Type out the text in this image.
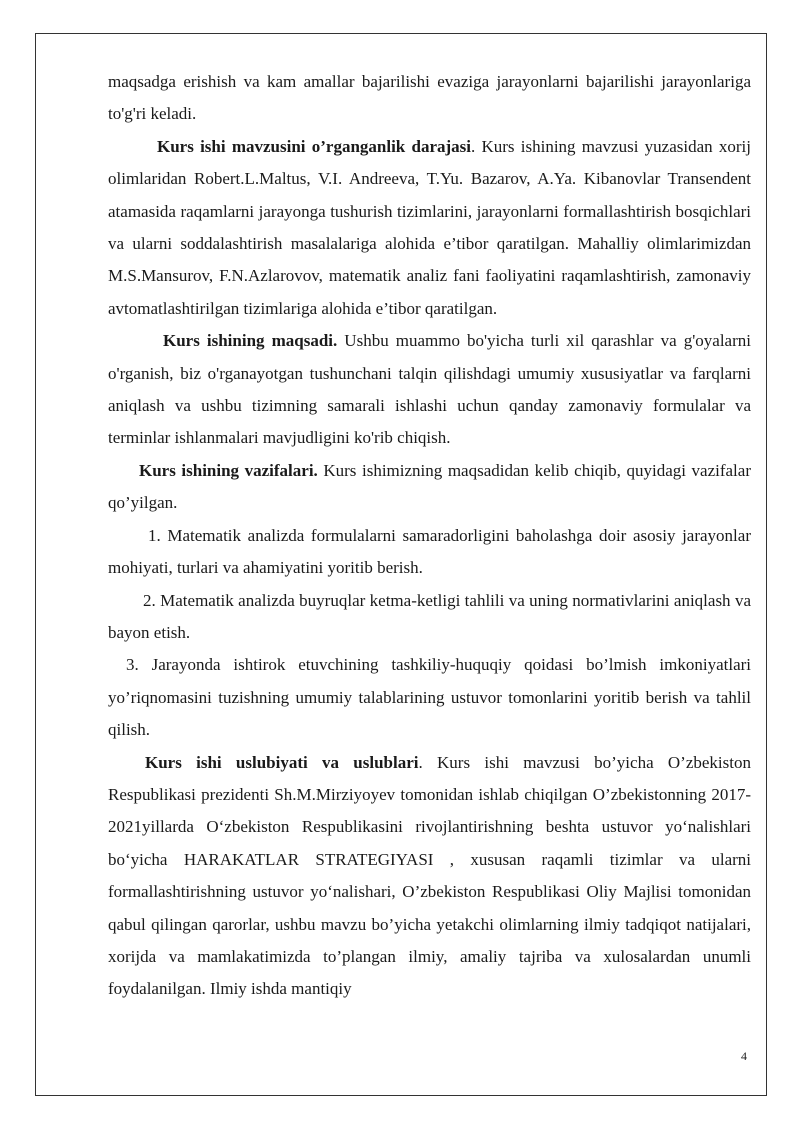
maqsadga erishish va kam amallar bajarilishi evaziga jarayonlarni bajarilishi jarayonlariga to'g'ri keladi.

Kurs ishi mavzusini o’rganganlik darajasi. Kurs ishining mavzusi yuzasidan xorij olimlaridan Robert.L.Maltus, V.I. Andreeva, T.Yu. Bazarov, A.Ya. Kibanovlar Transendent atamasida raqamlarni jarayonga tushurish tizimlarini, jarayonlarni formallashtirish bosqichlari va ularni soddalashtirish masalalariga alohida e’tibor qaratilgan. Mahalliy olimlarimizdan M.S.Mansurov, F.N.Azlarovov, matematik analiz fani faoliyatini raqamlashtirish, zamonaviy avtomatlashtirilgan tizimlariga alohida e’tibor qaratilgan.

Kurs ishining maqsadi. Ushbu muammo bo'yicha turli xil qarashlar va g'oyalarni o'rganish, biz o'rganayotgan tushunchani talqin qilishdagi umumiy xususiyatlar va farqlarni aniqlash va ushbu tizimning samarali ishlashi uchun qanday zamonaviy formulalar va terminlar ishlanmalari mavjudligini ko'rib chiqish.

Kurs ishining vazifalari. Kurs ishimizning maqsadidan kelib chiqib, quyidagi vazifalar qo’yilgan.

1. Matematik analizda formulalarni samaradorligini baholashga doir asosiy jarayonlar mohiyati, turlari va ahamiyatini yoritib berish.

2. Matematik analizda buyruqlar ketma-ketligi tahlili va uning normativlarini aniqlash va bayon etish.

3. Jarayonda ishtirok etuvchining tashkiliy-huquqiy qoidasi bo’lmish imkoniyatlari yo’riqnomasini tuzishning umumiy talablarining ustuvor tomonlarini yoritib berish va tahlil qilish.

Kurs ishi uslubiyati va uslublari. Kurs ishi mavzusi bo’yicha O’zbekiston Respublikasi prezidenti Sh.M.Mirziyoyev tomonidan ishlab chiqilgan O’zbekistonning 2017-2021yillarda O‘zbekiston Respublikasini rivojlantirishning beshta ustuvor yo‘nalishlari bo‘yicha HARAKATLAR STRATEGIYASI , xususan raqamli tizimlar va ularni formallashtirishning ustuvor yo‘nalishari, O’zbekiston Respublikasi Oliy Majlisi tomonidan qabul qilingan qarorlar, ushbu mavzu bo’yicha yetakchi olimlarning ilmiy tadqiqot natijalari, xorijda va mamlakatimizda to’plangan ilmiy, amaliy tajriba va xulosalardan unumli foydalanilgan. Ilmiy ishda mantiqiy

4
